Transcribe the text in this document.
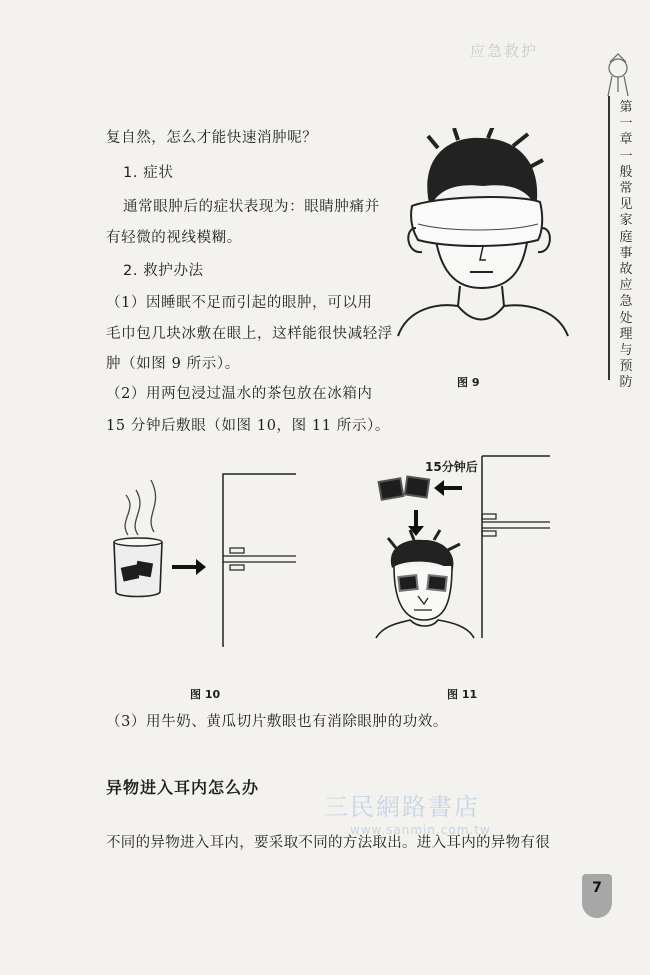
应急救护
第一章 一般常见家庭事故应急处理与预防
复自然，怎么才能快速消肿呢？
1. 症状
通常眼肿后的症状表现为：眼睛肿痛并
有轻微的视线模糊。
2. 救护办法
（1）因睡眠不足而引起的眼肿，可以用
毛巾包几块冰敷在眼上，这样能很快减轻浮
肿（如图 9 所示）。
（2）用两包浸过温水的茶包放在冰箱内
15 分钟后敷眼（如图 10，图 11 所示）。
（3）用牛奶、黄瓜切片敷眼也有消除眼肿的功效。
图 9
图 10
15分钟后
图 11
异物进入耳内怎么办
三民網路書店
www.sanmin.com.tw
不同的异物进入耳内，要采取不同的方法取出。进入耳内的异物有很
7
